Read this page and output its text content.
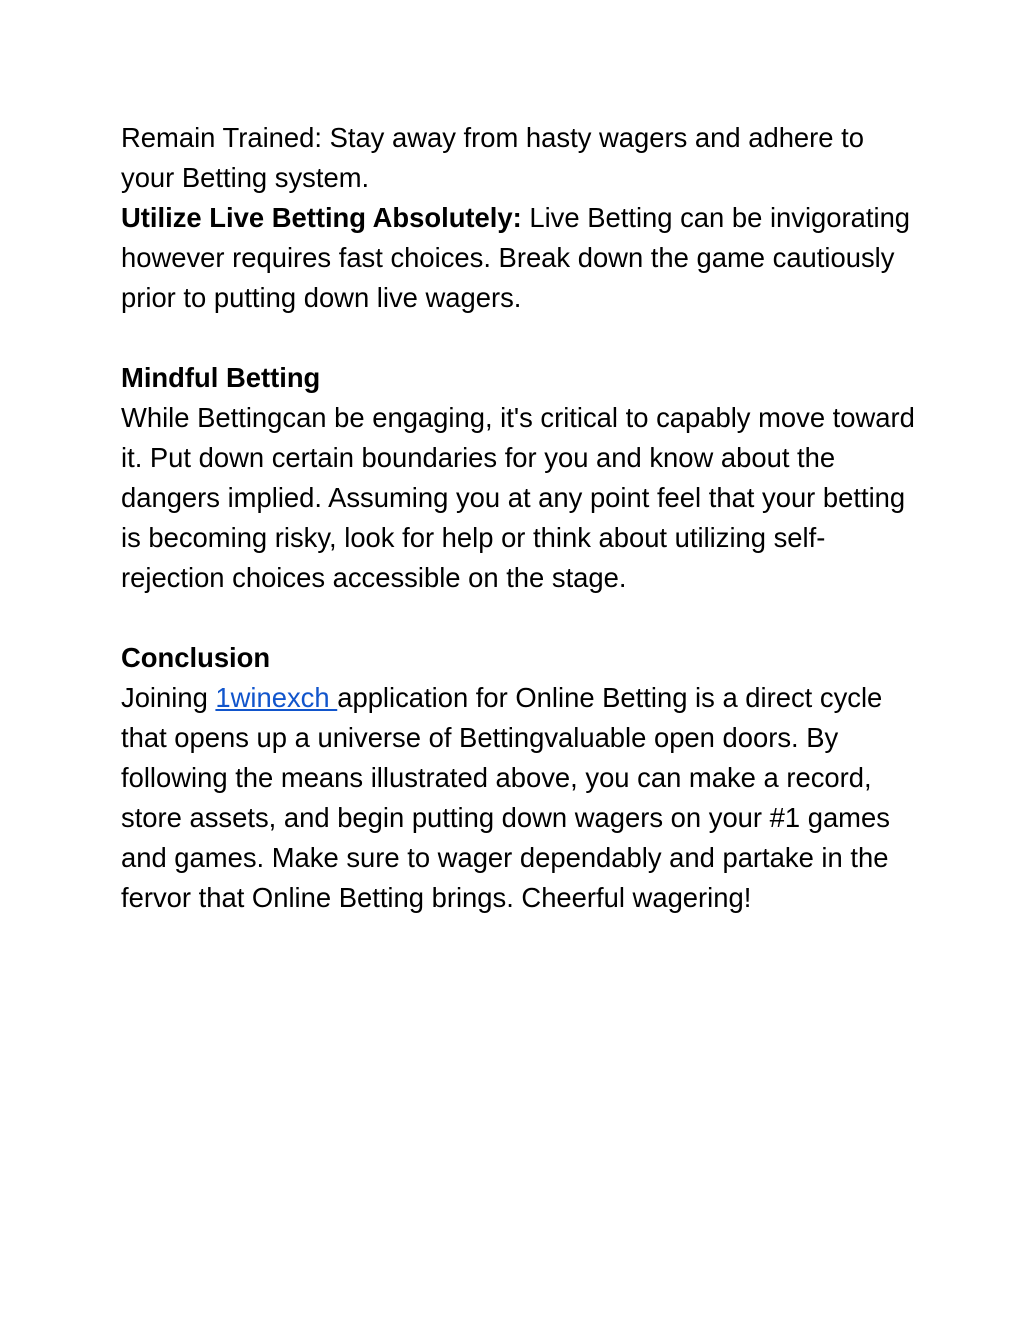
Remain Trained: Stay away from hasty wagers and adhere to your Betting system.

Utilize Live Betting Absolutely: Live Betting can be invigorating however requires fast choices. Break down the game cautiously prior to putting down live wagers.

Mindful Betting

While Bettingcan be engaging, it's critical to capably move toward it. Put down certain boundaries for you and know about the dangers implied. Assuming you at any point feel that your betting is becoming risky, look for help or think about utilizing self-rejection choices accessible on the stage.

Conclusion

Joining 1winexch application for Online Betting is a direct cycle that opens up a universe of Bettingvaluable open doors. By following the means illustrated above, you can make a record, store assets, and begin putting down wagers on your #1 games and games. Make sure to wager dependably and partake in the fervor that Online Betting brings. Cheerful wagering!
